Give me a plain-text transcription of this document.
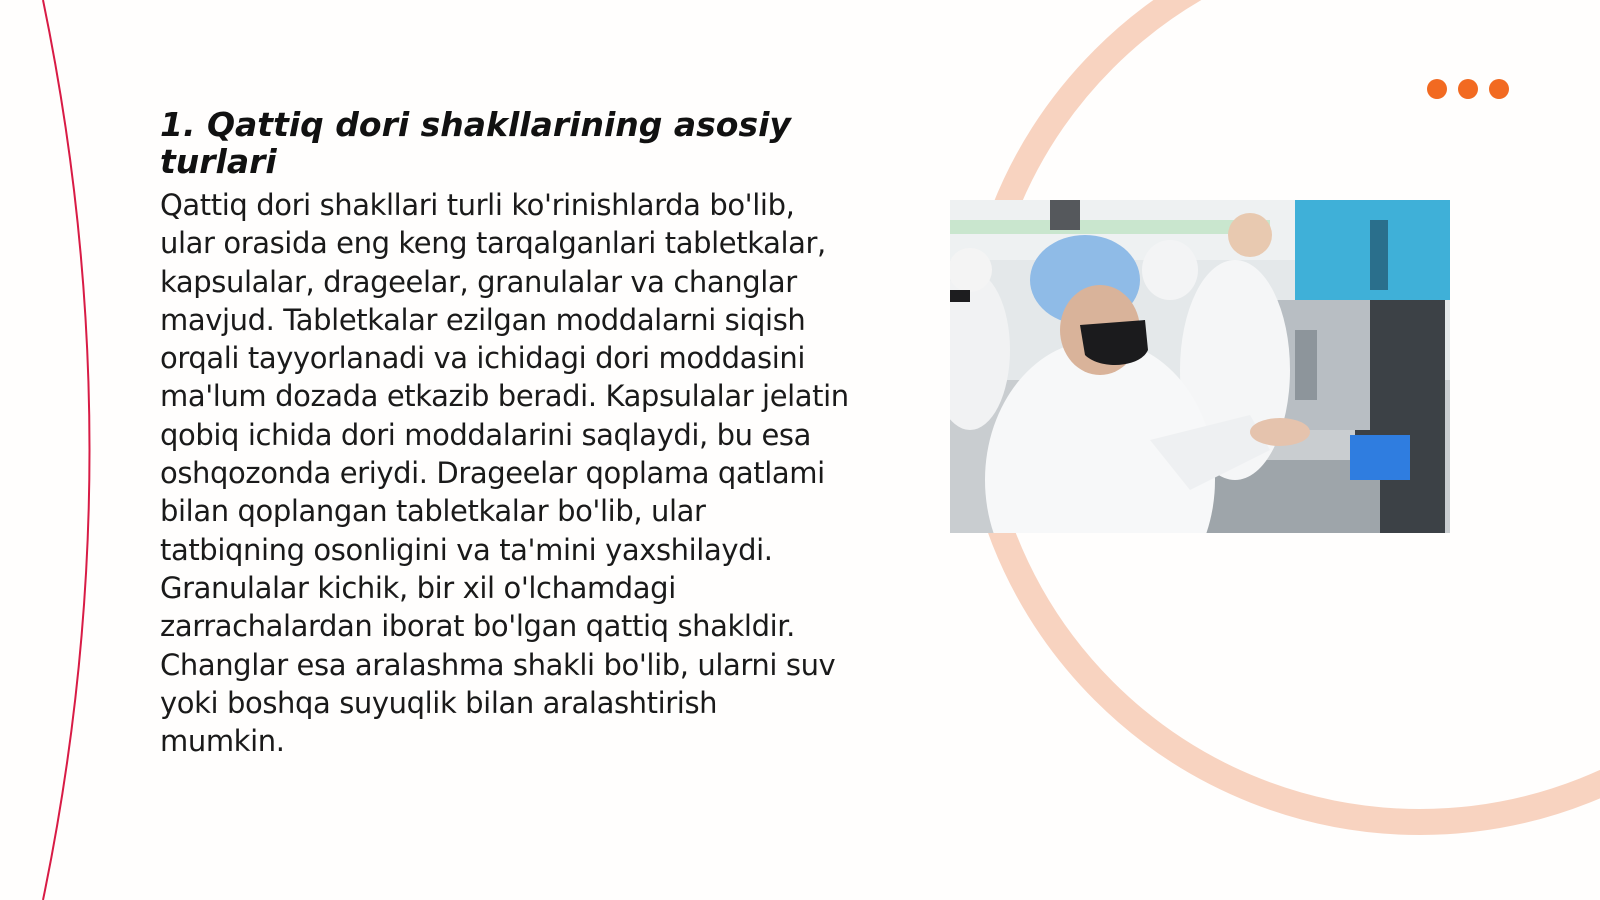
1. Qattiq dori shakllarining asosiy turlari

Qattiq dori shakllari turli ko'rinishlarda bo'lib, ular orasida eng keng tarqalganlari tabletkalar, kapsulalar, drageelar, granulalar va changlar mavjud. Tabletkalar ezilgan moddalarni siqish orqali tayyorlanadi va ichidagi dori moddasini ma'lum dozada etkazib beradi. Kapsulalar jelatin qobiq ichida dori moddalarini saqlaydi, bu esa oshqozonda eriydi. Drageelar qoplama qatlami bilan qoplangan tabletkalar bo'lib, ular tatbiqning osonligini va ta'mini yaxshilaydi. Granulalar kichik, bir xil o'lchamdagi zarrachalardan iborat bo'lgan qattiq shakldir. Changlar esa aralashma shakli bo'lib, ularni suv yoki boshqa suyuqlik bilan aralashtirish mumkin.
